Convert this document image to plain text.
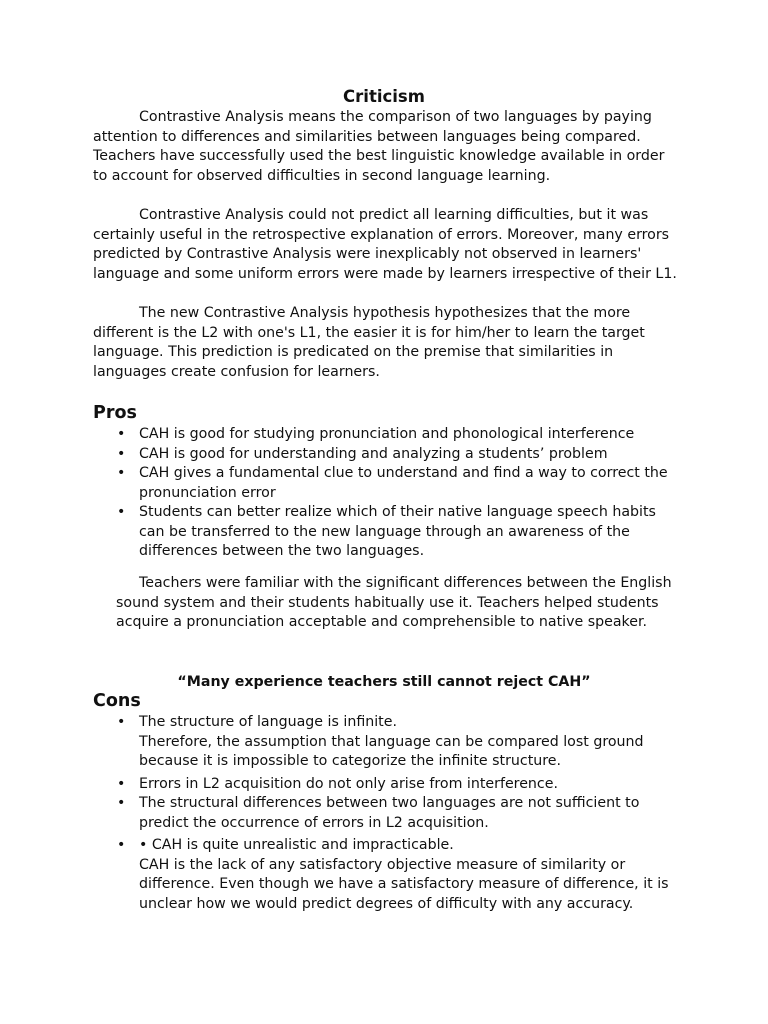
Criticism

Contrastive Analysis means the comparison of two languages by paying attention to differences and similarities between languages being compared. Teachers have successfully used the best linguistic knowledge available in order to account for observed difficulties in second language learning.

Contrastive Analysis could not predict all learning difficulties, but it was certainly useful in the retrospective explanation of errors. Moreover, many errors predicted by Contrastive Analysis were inexplicably not observed in learners' language and some uniform errors were made by learners irrespective of their L1.

The new Contrastive Analysis hypothesis hypothesizes that the more different is the L2 with one's L1, the easier it is for him/her to learn the target language. This prediction is predicated on the premise that similarities in languages create confusion for learners.

Pros
• CAH is good for studying pronunciation and phonological interference
• CAH is good for understanding and analyzing a students’ problem
• CAH gives a fundamental clue to understand and find a way to correct the pronunciation error
• Students can better realize which of their native language speech habits can be transferred to the new language through an awareness of the differences between the two languages.

Teachers were familiar with the significant differences between the English sound system and their students habitually use it. Teachers helped students acquire a pronunciation acceptable and comprehensible to native speaker.

“Many experience teachers still cannot reject CAH”
Cons
• The structure of language is infinite.
Therefore, the assumption that language can be compared lost ground because it is impossible to categorize the infinite structure.
• Errors in L2 acquisition do not only arise from interference.
• The structural differences between two languages are not sufficient to predict the occurrence of errors in L2 acquisition.
• • CAH is quite unrealistic and impracticable.
CAH is the lack of any satisfactory objective measure of similarity or difference. Even though we have a satisfactory measure of difference, it is unclear how we would predict degrees of difficulty with any accuracy.
